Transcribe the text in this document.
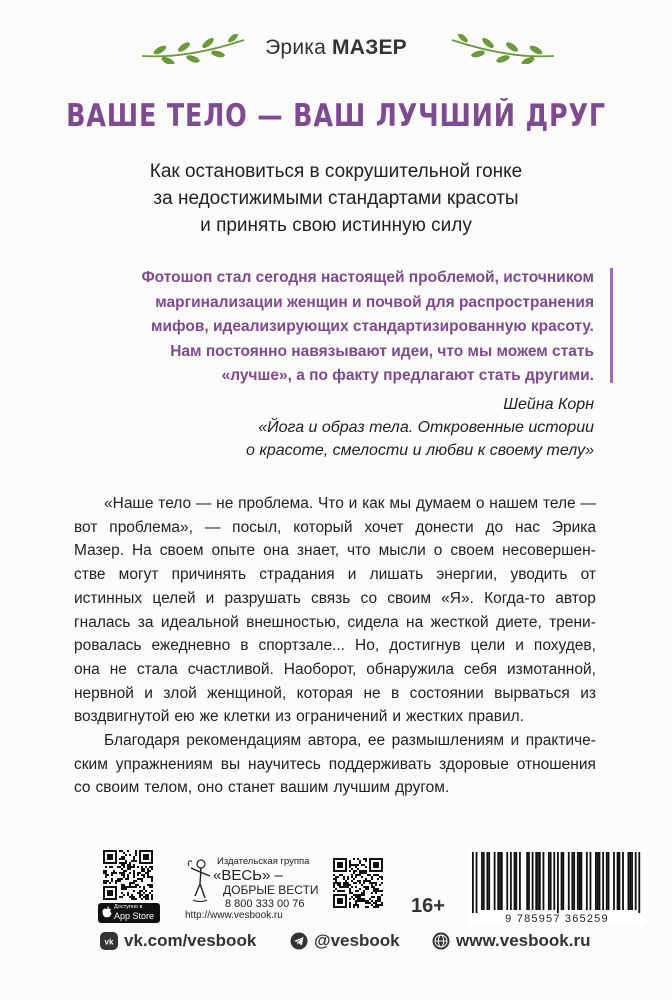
Эрика МАЗЕР
ВАШЕ ТЕЛО — ВАШ ЛУЧШИЙ ДРУГ
Как остановиться в сокрушительной гонке
за недостижимыми стандартами красоты
и принять свою истинную силу
Фотошоп стал сегодня настоящей проблемой, источником
маргинализации женщин и почвой для распространения
мифов, идеализирующих стандартизированную красоту.
Нам постоянно навязывают идеи, что мы можем стать
«лучше», а по факту предлагают стать другими.
Шейна Корн
«Йога и образ тела. Откровенные истории
о красоте, смелости и любви к своему телу»
«Наше тело — не проблема. Что и как мы думаем о нашем теле —
вот проблема», — посыл, который хочет донести до нас Эрика
Мазер. На своем опыте она знает, что мысли о своем несовершен-
стве могут причинять страдания и лишать энергии, уводить от
истинных целей и разрушать связь со своим «Я». Когда-то автор
гналась за идеальной внешностью, сидела на жесткой диете, трени-
ровалась ежедневно в спортзале... Но, достигнув цели и похудев,
она не стала счастливой. Наоборот, обнаружила себя измотанной,
нервной и злой женщиной, которая не в состоянии вырваться из
воздвигнутой ею же клетки из ограничений и жестких правил.
Благодаря рекомендациям автора, ее размышлениям и практиче-
ским упражнениям вы научитесь поддерживать здоровые отношения
со своим телом, оно станет вашим лучшим другом.
Доступно в
App Store
Издательская группа
«ВЕСЬ» –
ДОБРЫЕ ВЕСТИ
8 800 333 00 76
http://www.vesbook.ru	16+
9 785957 365259
vk vk.com/vesbook	@vesbook	www.vesbook.ru
